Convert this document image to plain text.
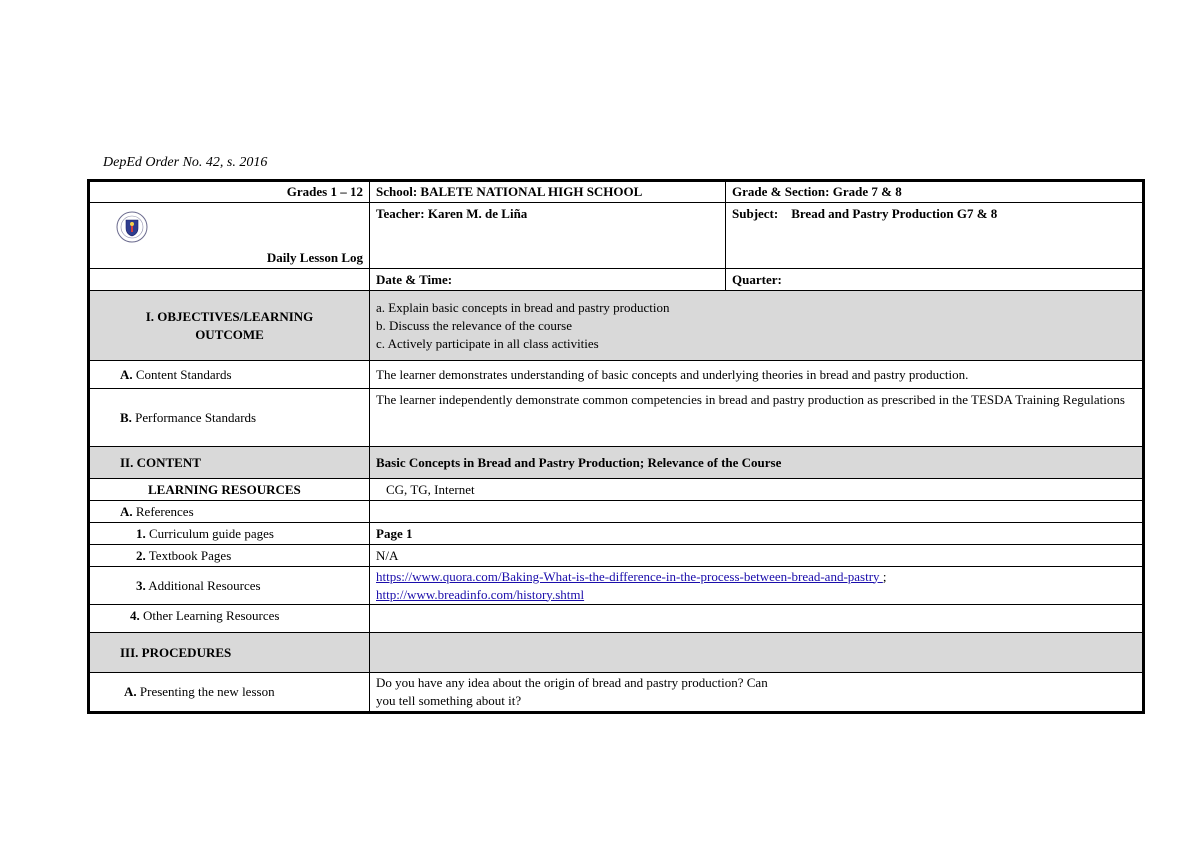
DepEd Order No. 42, s. 2016
Grades 1 – 12	School: BALETE NATIONAL HIGH SCHOOL	Grade & Section: Grade 7 & 8

Daily Lesson Log	Teacher: Karen M. de Liña	Subject: Bread and Pastry Production G7 & 8
	Date & Time:	Quarter:
I. OBJECTIVES/LEARNING OUTCOME	a. Explain basic concepts in bread and pastry production
b. Discuss the relevance of the course
c. Actively participate in all class activities	

A. Content Standards	The learner demonstrates understanding of basic concepts and underlying theories in bread and pastry production.	
B. Performance Standards	The learner independently demonstrate common competencies in bread and pastry production as prescribed in the TESDA Training Regulations	
II. CONTENT	Basic Concepts in Bread and Pastry Production; Relevance of the Course	
LEARNING RESOURCES	CG, TG, Internet	
A. References		
1. Curriculum guide pages	Page 1	
2. Textbook Pages	N/A	
3. Additional Resources	https://www.quora.com/Baking-What-is-the-difference-in-the-process-between-bread-and-pastry ;
http://www.breadinfo.com/history.shtml	
4. Other Learning Resources		
III. PROCEDURES		
A. Presenting the new lesson	Do you have any idea about the origin of bread and pastry production? Can
you tell something about it?	
